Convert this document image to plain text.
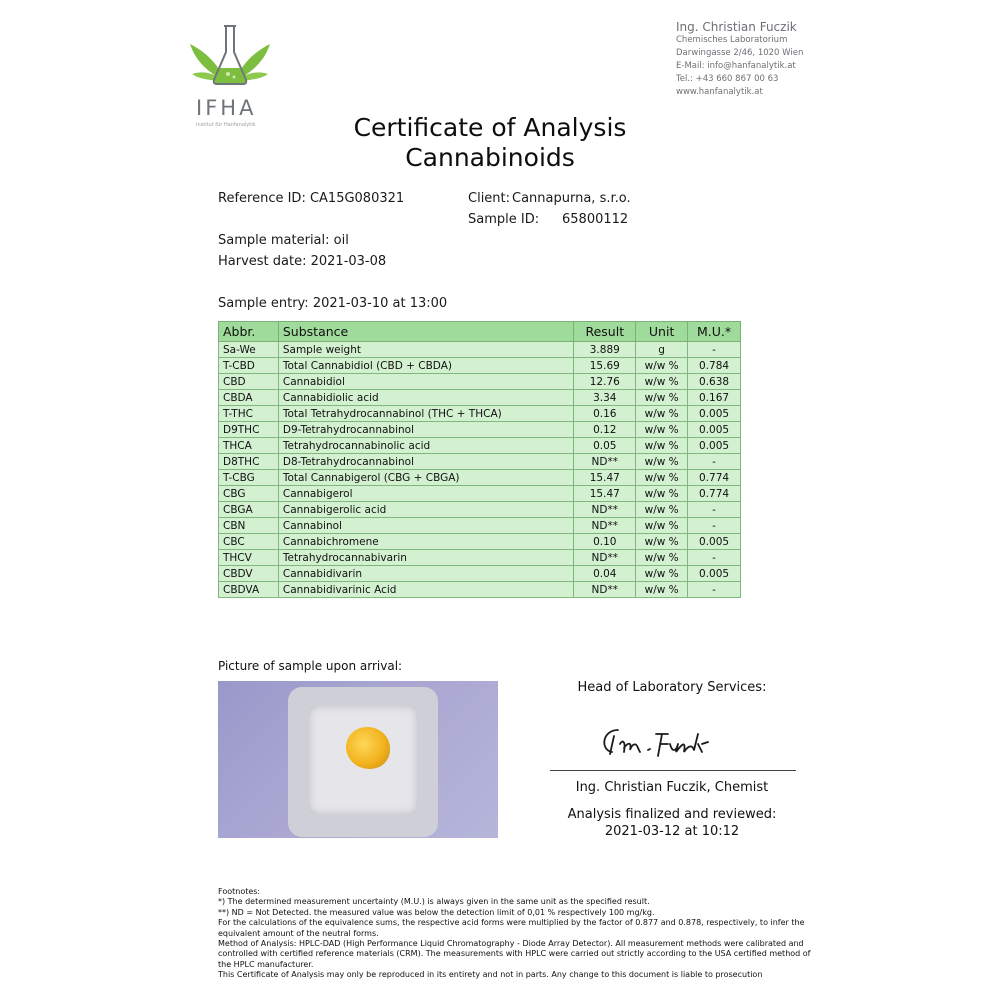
IFHA
Institut für Hanfanalytik
Ing. Christian Fuczik
Chemisches Laboratorium
Darwingasse 2/46, 1020 Wien
E-Mail: info@hanfanalytik.at
Tel.: +43 660 867 00 63
www.hanfanalytik.at
Certificate of Analysis
Cannabinoids
Reference ID: CA15G080321	Client: Cannapurna, s.r.o.
Sample ID: 65800112
Sample material: oil
Harvest date: 2021-03-08
Sample entry: 2021-03-10 at 13:00
Abbr.	Substance	Result	Unit	M.U.*
Sa-We	Sample weight	3.889	g	-
T-CBD	Total Cannabidiol (CBD + CBDA)	15.69	w/w %	0.784
CBD	Cannabidiol	12.76	w/w %	0.638
CBDA	Cannabidiolic acid	3.34	w/w %	0.167
T-THC	Total Tetrahydrocannabinol (THC + THCA)	0.16	w/w %	0.005
D9THC	D9-Tetrahydrocannabinol	0.12	w/w %	0.005
THCA	Tetrahydrocannabinolic acid	0.05	w/w %	0.005
D8THC	D8-Tetrahydrocannabinol	ND**	w/w %	-
T-CBG	Total Cannabigerol (CBG + CBGA)	15.47	w/w %	0.774
CBG	Cannabigerol	15.47	w/w %	0.774
CBGA	Cannabigerolic acid	ND**	w/w %	-
CBN	Cannabinol	ND**	w/w %	-
CBC	Cannabichromene	0.10	w/w %	0.005
THCV	Tetrahydrocannabivarin	ND**	w/w %	-
CBDV	Cannabidivarin	0.04	w/w %	0.005
CBDVA	Cannabidivarinic Acid	ND**	w/w %	-
Picture of sample upon arrival:
Head of Laboratory Services:
Ing. Christian Fuczik, Chemist
Analysis finalized and reviewed:
2021-03-12 at 10:12
Footnotes:
*) The determined measurement uncertainty (M.U.) is always given in the same unit as the specified result.
**) ND = Not Detected. the measured value was below the detection limit of 0,01 % respectively 100 mg/kg.
For the calculations of the equivalence sums, the respective acid forms were multiplied by the factor of 0.877 and 0.878, respectively, to infer the equivalent amount of the neutral forms.
Method of Analysis: HPLC-DAD (High Performance Liquid Chromatography - Diode Array Detector). All measurement methods were calibrated and controlled with certified reference materials (CRM). The measurements with HPLC were carried out strictly according to the USA certified method of the HPLC manufacturer.
This Certificate of Analysis may only be reproduced in its entirety and not in parts. Any change to this document is liable to prosecution
